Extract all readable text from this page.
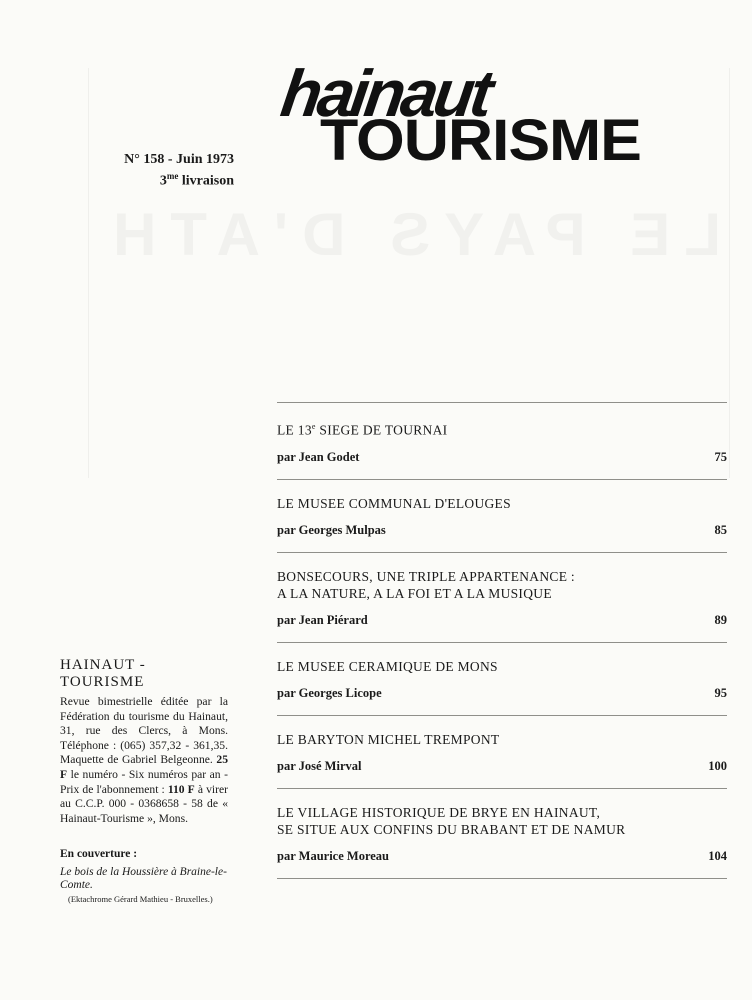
LE PAYS D'ATH
hainaut
TOURISME
N° 158 - Juin 1973
$3^{me}$ livraison
HAINAUT - TOURISME
Revue bimestrielle éditée par la Fédération du tourisme du Hainaut, 31, rue des Clercs, à Mons. Téléphone : (065) 357,32 - 361,35. Maquette de Gabriel Belgeonne. 25 F le numéro - Six numéros par an - Prix de l'abonnement : 110 F à virer au C.C.P. 000 - 0368658 - 58 de « Hainaut-Tourisme », Mons.
En couverture :
Le bois de la Houssière à Braine-le-Comte.
(Ektachrome Gérard Mathieu - Bruxelles.)
LE 13e SIEGE DE TOURNAI
par Jean Godet	75
LE MUSEE COMMUNAL D'ELOUGES
par Georges Mulpas	85
BONSECOURS, UNE TRIPLE APPARTENANCE :
A LA NATURE, A LA FOI ET A LA MUSIQUE
par Jean Piérard	89
LE MUSEE CERAMIQUE DE MONS
par Georges Licope	95
LE BARYTON MICHEL TREMPONT
par José Mirval	100
LE VILLAGE HISTORIQUE DE BRYE EN HAINAUT,
SE SITUE AUX CONFINS DU BRABANT ET DE NAMUR
par Maurice Moreau	104
